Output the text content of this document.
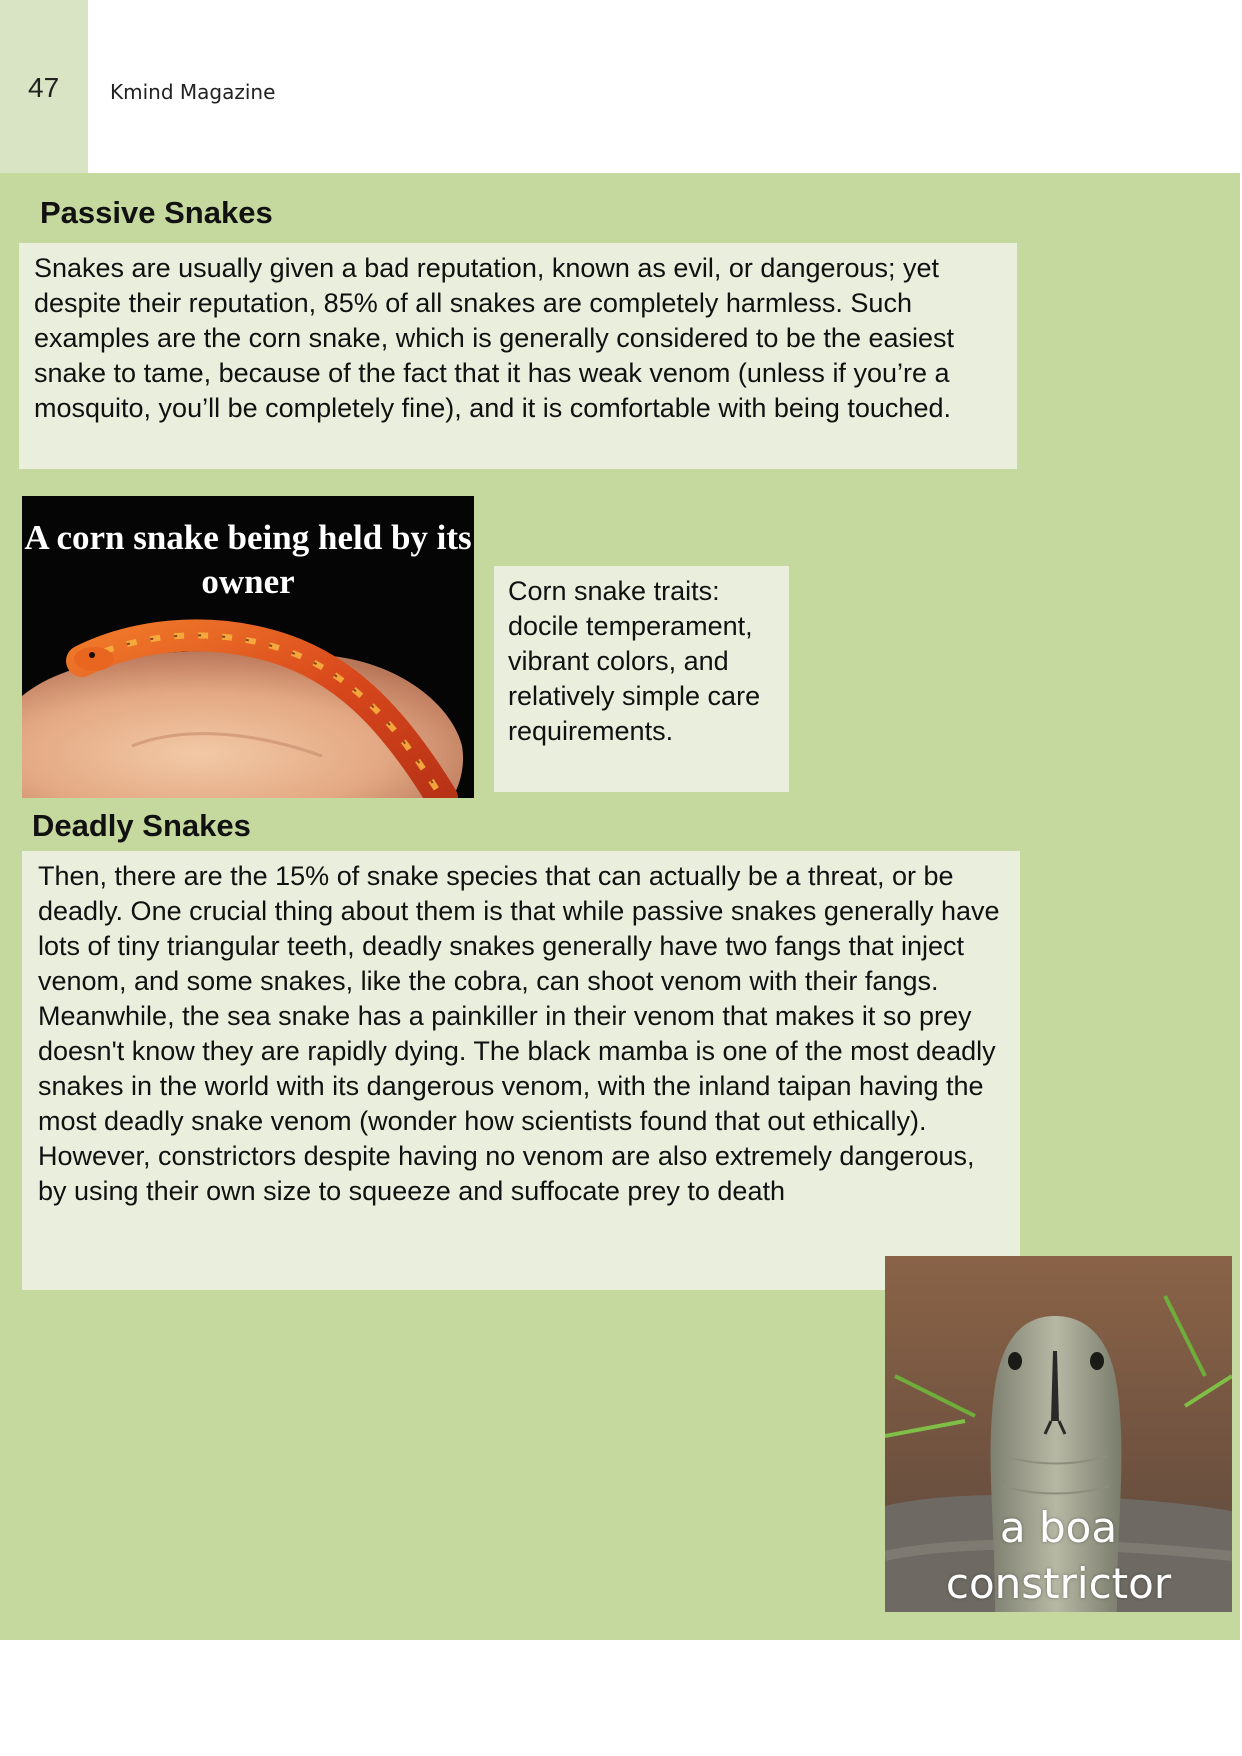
47	Kmind Magazine
Passive Snakes
Snakes are usually given a bad reputation, known as evil, or dangerous; yet despite their reputation, 85% of all snakes are completely harmless. Such examples are the corn snake, which is generally considered to be the easiest snake to tame, because of the fact that it has weak venom (unless if you’re a mosquito, you’ll be completely fine), and it is comfortable with being touched.
A corn snake being held by its owner	Corn snake traits: docile temperament, vibrant colors, and relatively simple care requirements.
Deadly Snakes
Then, there are the 15% of snake species that can actually be a threat, or be deadly. One crucial thing about them is that while passive snakes generally have lots of tiny triangular teeth, deadly snakes generally have two fangs that inject venom, and some snakes, like the cobra, can shoot venom with their fangs. Meanwhile, the sea snake has a painkiller in their venom that makes it so prey doesn't know they are rapidly dying. The black mamba is one of the most deadly snakes in the world with its dangerous venom, with the inland taipan having the most deadly snake venom (wonder how scientists found that out ethically). However, constrictors despite having no venom are also extremely dangerous, by using their own size to squeeze and suffocate prey to death
a boa constrictor
